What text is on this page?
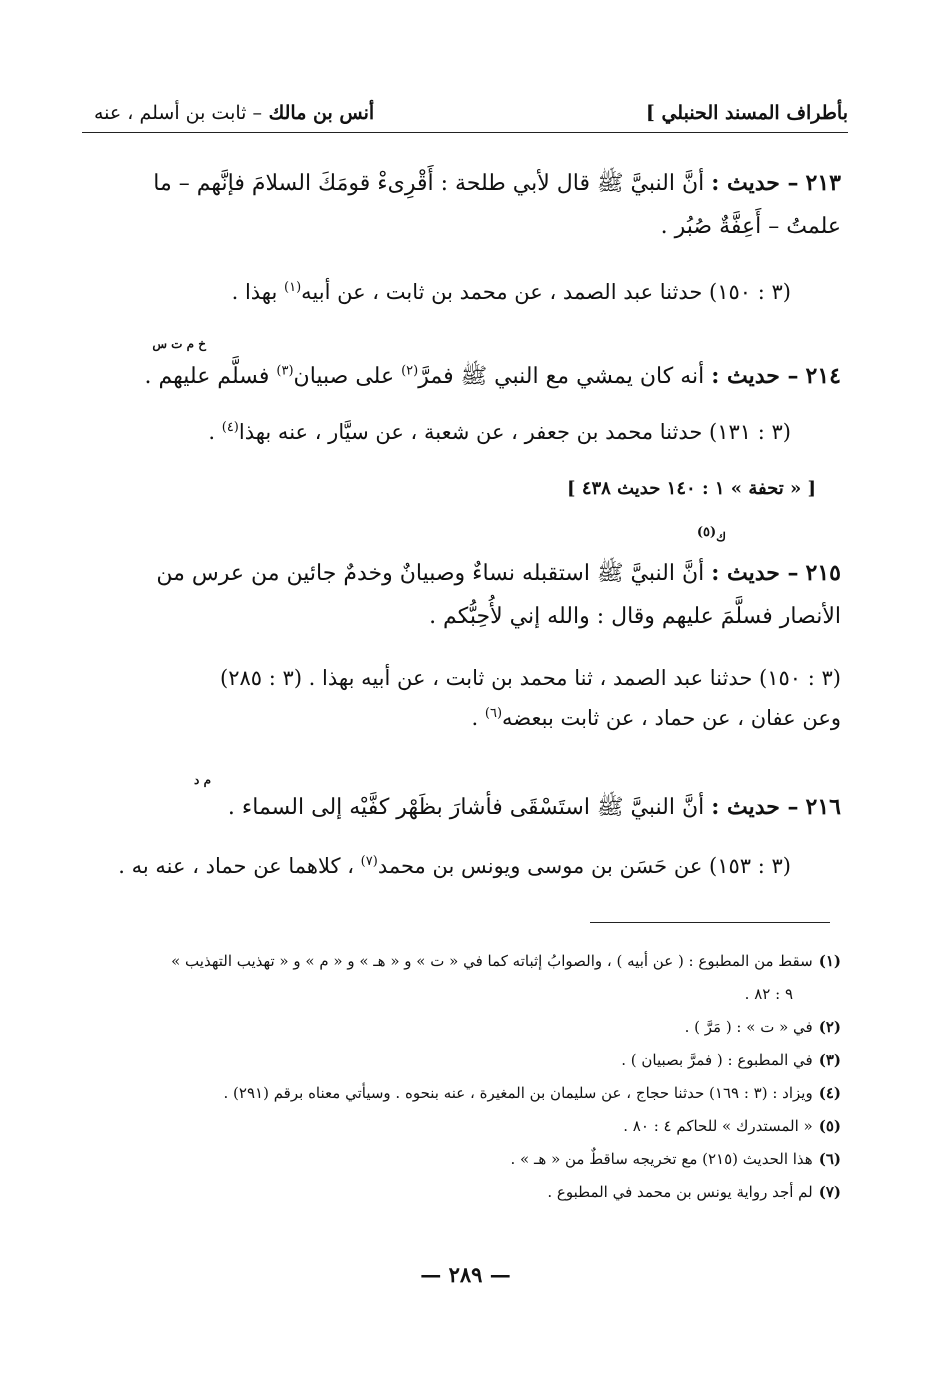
بأطراف المسند الحنبلي ]
أنس بن مالك – ثابت بن أسلم ، عنه
٢١٣ – حديث : أنَّ النبيَّ ﷺ قال لأبي طلحة : أَقْرِىءْ قومَكَ السلامَ فإنَّهم – ما
علمتُ – أَعِفَّةٌ صُبُر .
(٣ : ١٥٠) حدثنا عبد الصمد ، عن محمد بن ثابت ، عن أبيه$^{(١)}$ بهذا .
خ م ت س
٢١٤ – حديث : أنه كان يمشي مع النبي ﷺ فمرَّ$^{(٢)}$ على صبيان$^{(٣)}$ فسلَّم عليهم .
(٣ : ١٣١) حدثنا محمد بن جعفر ، عن شعبة ، عن سيَّار ، عنه بهذا$^{(٤)}$ .
[ « تحفة » ١ : ١٤٠ حديث ٤٣٨ ]
ك(٥)
٢١٥ – حديث : أنَّ النبيَّ ﷺ استقبله نساءٌ وصبيانٌ وخدمٌ جائين من عرس من
الأنصار فسلَّمَ عليهم وقال : والله إني لأُحِبُّكم .
(٣ : ١٥٠) حدثنا عبد الصمد ، ثنا محمد بن ثابت ، عن أبيه بهذا . (٣ : ٢٨٥)
وعن عفان ، عن حماد ، عن ثابت ببعضه$^{(٦)}$ .
م د
٢١٦ – حديث : أنَّ النبيَّ ﷺ استَسْقَى فأشارَ بظَهْر كفَّيْه إلى السماء .
(٣ : ١٥٣) عن حَسَن بن موسى ويونس بن محمد$^{(٧)}$ ، كلاهما عن حماد ، عنه به .
(١)سقط من المطبوع : ( عن أبيه ) ، والصوابُ إثباته كما في « ت » و « هـ » و « م » و « تهذيب التهذيب »
٩ : ٨٢ .
(٢)في « ت » : ( مَرَّ ) .
(٣)في المطبوع : ( فمرَّ بصبيان ) .
(٤)ويزاد : (٣ : ١٦٩) حدثنا حجاج ، عن سليمان بن المغيرة ، عنه بنحوه . وسيأتي معناه برقم (٢٩١) .
(٥)« المستدرك » للحاكم ٤ : ٨٠ .
(٦)هذا الحديث (٢١٥) مع تخريجه ساقطٌ من « هـ » .
(٧)لم أجد رواية يونس بن محمد في المطبوع .
— ٢٨٩ —
